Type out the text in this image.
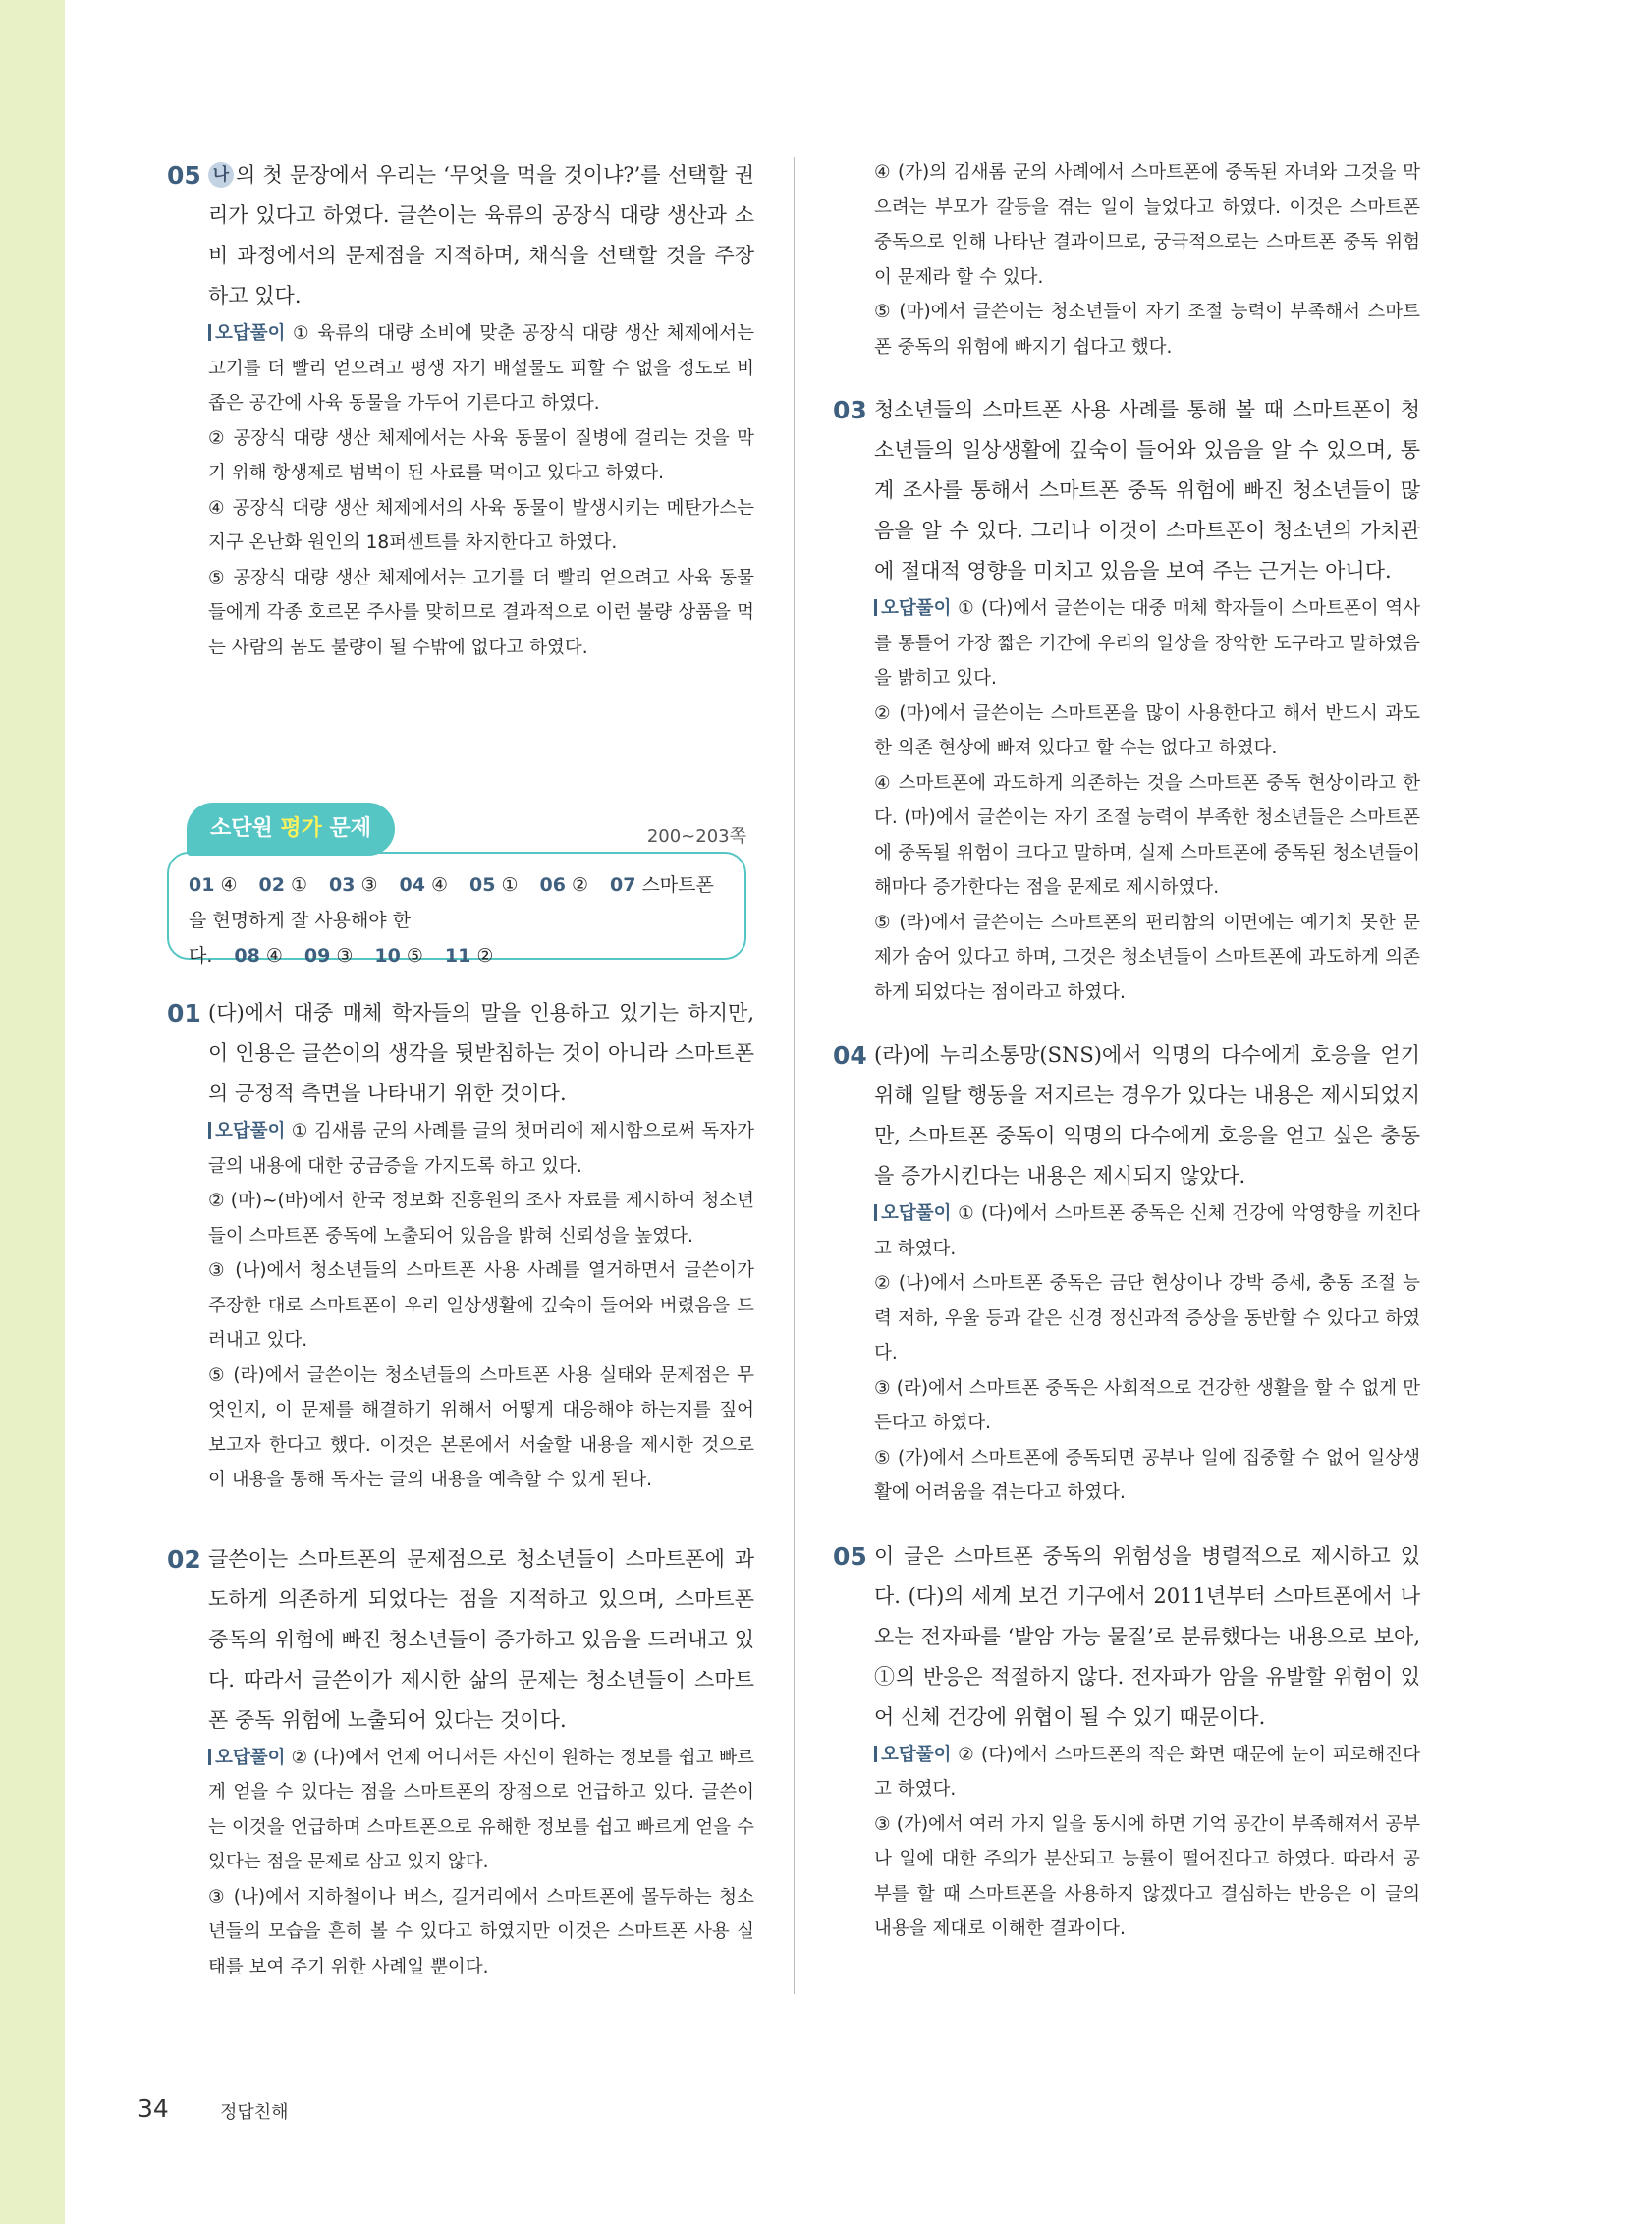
05 나 의 첫 문장에서 우리는 ‘무엇을 먹을 것이냐?’를 선택할 권리가 있다고 하였다. 글쓴이는 육류의 공장식 대량 생산과 소비 과정에서의 문제점을 지적하며, 채식을 선택할 것을 주장하고 있다.

오답풀이 ① 육류의 대량 소비에 맞춘 공장식 대량 생산 체제에서는 고기를 더 빨리 얻으려고 평생 자기 배설물도 피할 수 없을 정도로 비좁은 공간에 사육 동물을 가두어 기른다고 하였다.

② 공장식 대량 생산 체제에서는 사육 동물이 질병에 걸리는 것을 막기 위해 항생제로 범벅이 된 사료를 먹이고 있다고 하였다.

④ 공장식 대량 생산 체제에서의 사육 동물이 발생시키는 메탄가스는 지구 온난화 원인의 18퍼센트를 차지한다고 하였다.

⑤ 공장식 대량 생산 체제에서는 고기를 더 빨리 얻으려고 사육 동물들에게 각종 호르몬 주사를 맞히므로 결과적으로 이런 불량 상품을 먹는 사람의 몸도 불량이 될 수밖에 없다고 하였다.

소단원 평가 문제	200~203쪽
01 ④ 02 ① 03 ③ 04 ④ 05 ① 06 ② 07 스마트폰을 현명하게 잘 사용해야 한다. 08 ④ 09 ③ 10 ⑤ 11 ②
01 (다)에서 대중 매체 학자들의 말을 인용하고 있기는 하지만, 이 인용은 글쓴이의 생각을 뒷받침하는 것이 아니라 스마트폰의 긍정적 측면을 나타내기 위한 것이다.

오답풀이 ① 김새롬 군의 사례를 글의 첫머리에 제시함으로써 독자가 글의 내용에 대한 궁금증을 가지도록 하고 있다.

② (마)~(바)에서 한국 정보화 진흥원의 조사 자료를 제시하여 청소년들이 스마트폰 중독에 노출되어 있음을 밝혀 신뢰성을 높였다.

③ (나)에서 청소년들의 스마트폰 사용 사례를 열거하면서 글쓴이가 주장한 대로 스마트폰이 우리 일상생활에 깊숙이 들어와 버렸음을 드러내고 있다.

⑤ (라)에서 글쓴이는 청소년들의 스마트폰 사용 실태와 문제점은 무엇인지, 이 문제를 해결하기 위해서 어떻게 대응해야 하는지를 짚어 보고자 한다고 했다. 이것은 본론에서 서술할 내용을 제시한 것으로 이 내용을 통해 독자는 글의 내용을 예측할 수 있게 된다.

02 글쓴이는 스마트폰의 문제점으로 청소년들이 스마트폰에 과도하게 의존하게 되었다는 점을 지적하고 있으며, 스마트폰 중독의 위험에 빠진 청소년들이 증가하고 있음을 드러내고 있다. 따라서 글쓴이가 제시한 삶의 문제는 청소년들이 스마트폰 중독 위험에 노출되어 있다는 것이다.

오답풀이 ② (다)에서 언제 어디서든 자신이 원하는 정보를 쉽고 빠르게 얻을 수 있다는 점을 스마트폰의 장점으로 언급하고 있다. 글쓴이는 이것을 언급하며 스마트폰으로 유해한 정보를 쉽고 빠르게 얻을 수 있다는 점을 문제로 삼고 있지 않다.

③ (나)에서 지하철이나 버스, 길거리에서 스마트폰에 몰두하는 청소년들의 모습을 흔히 볼 수 있다고 하였지만 이것은 스마트폰 사용 실태를 보여 주기 위한 사례일 뿐이다.

④ (가)의 김새롬 군의 사례에서 스마트폰에 중독된 자녀와 그것을 막으려는 부모가 갈등을 겪는 일이 늘었다고 하였다. 이것은 스마트폰 중독으로 인해 나타난 결과이므로, 궁극적으로는 스마트폰 중독 위험이 문제라 할 수 있다.

⑤ (마)에서 글쓴이는 청소년들이 자기 조절 능력이 부족해서 스마트폰 중독의 위험에 빠지기 쉽다고 했다.

03 청소년들의 스마트폰 사용 사례를 통해 볼 때 스마트폰이 청소년들의 일상생활에 깊숙이 들어와 있음을 알 수 있으며, 통계 조사를 통해서 스마트폰 중독 위험에 빠진 청소년들이 많음을 알 수 있다. 그러나 이것이 스마트폰이 청소년의 가치관에 절대적 영향을 미치고 있음을 보여 주는 근거는 아니다.

오답풀이 ① (다)에서 글쓴이는 대중 매체 학자들이 스마트폰이 역사를 통틀어 가장 짧은 기간에 우리의 일상을 장악한 도구라고 말하였음을 밝히고 있다.

② (마)에서 글쓴이는 스마트폰을 많이 사용한다고 해서 반드시 과도한 의존 현상에 빠져 있다고 할 수는 없다고 하였다.

④ 스마트폰에 과도하게 의존하는 것을 스마트폰 중독 현상이라고 한다. (마)에서 글쓴이는 자기 조절 능력이 부족한 청소년들은 스마트폰에 중독될 위험이 크다고 말하며, 실제 스마트폰에 중독된 청소년들이 해마다 증가한다는 점을 문제로 제시하였다.

⑤ (라)에서 글쓴이는 스마트폰의 편리함의 이면에는 예기치 못한 문제가 숨어 있다고 하며, 그것은 청소년들이 스마트폰에 과도하게 의존하게 되었다는 점이라고 하였다.

04 (라)에 누리소통망(SNS)에서 익명의 다수에게 호응을 얻기 위해 일탈 행동을 저지르는 경우가 있다는 내용은 제시되었지만, 스마트폰 중독이 익명의 다수에게 호응을 얻고 싶은 충동을 증가시킨다는 내용은 제시되지 않았다.

오답풀이 ① (다)에서 스마트폰 중독은 신체 건강에 악영향을 끼친다고 하였다.

② (나)에서 스마트폰 중독은 금단 현상이나 강박 증세, 충동 조절 능력 저하, 우울 등과 같은 신경 정신과적 증상을 동반할 수 있다고 하였다.

③ (라)에서 스마트폰 중독은 사회적으로 건강한 생활을 할 수 없게 만든다고 하였다.

⑤ (가)에서 스마트폰에 중독되면 공부나 일에 집중할 수 없어 일상생활에 어려움을 겪는다고 하였다.

05 이 글은 스마트폰 중독의 위험성을 병렬적으로 제시하고 있다. (다)의 세계 보건 기구에서 2011년부터 스마트폰에서 나오는 전자파를 ‘발암 가능 물질’로 분류했다는 내용으로 보아, ①의 반응은 적절하지 않다. 전자파가 암을 유발할 위험이 있어 신체 건강에 위협이 될 수 있기 때문이다.

오답풀이 ② (다)에서 스마트폰의 작은 화면 때문에 눈이 피로해진다고 하였다.

③ (가)에서 여러 가지 일을 동시에 하면 기억 공간이 부족해져서 공부나 일에 대한 주의가 분산되고 능률이 떨어진다고 하였다. 따라서 공부를 할 때 스마트폰을 사용하지 않겠다고 결심하는 반응은 이 글의 내용을 제대로 이해한 결과이다.

34	정답친해
